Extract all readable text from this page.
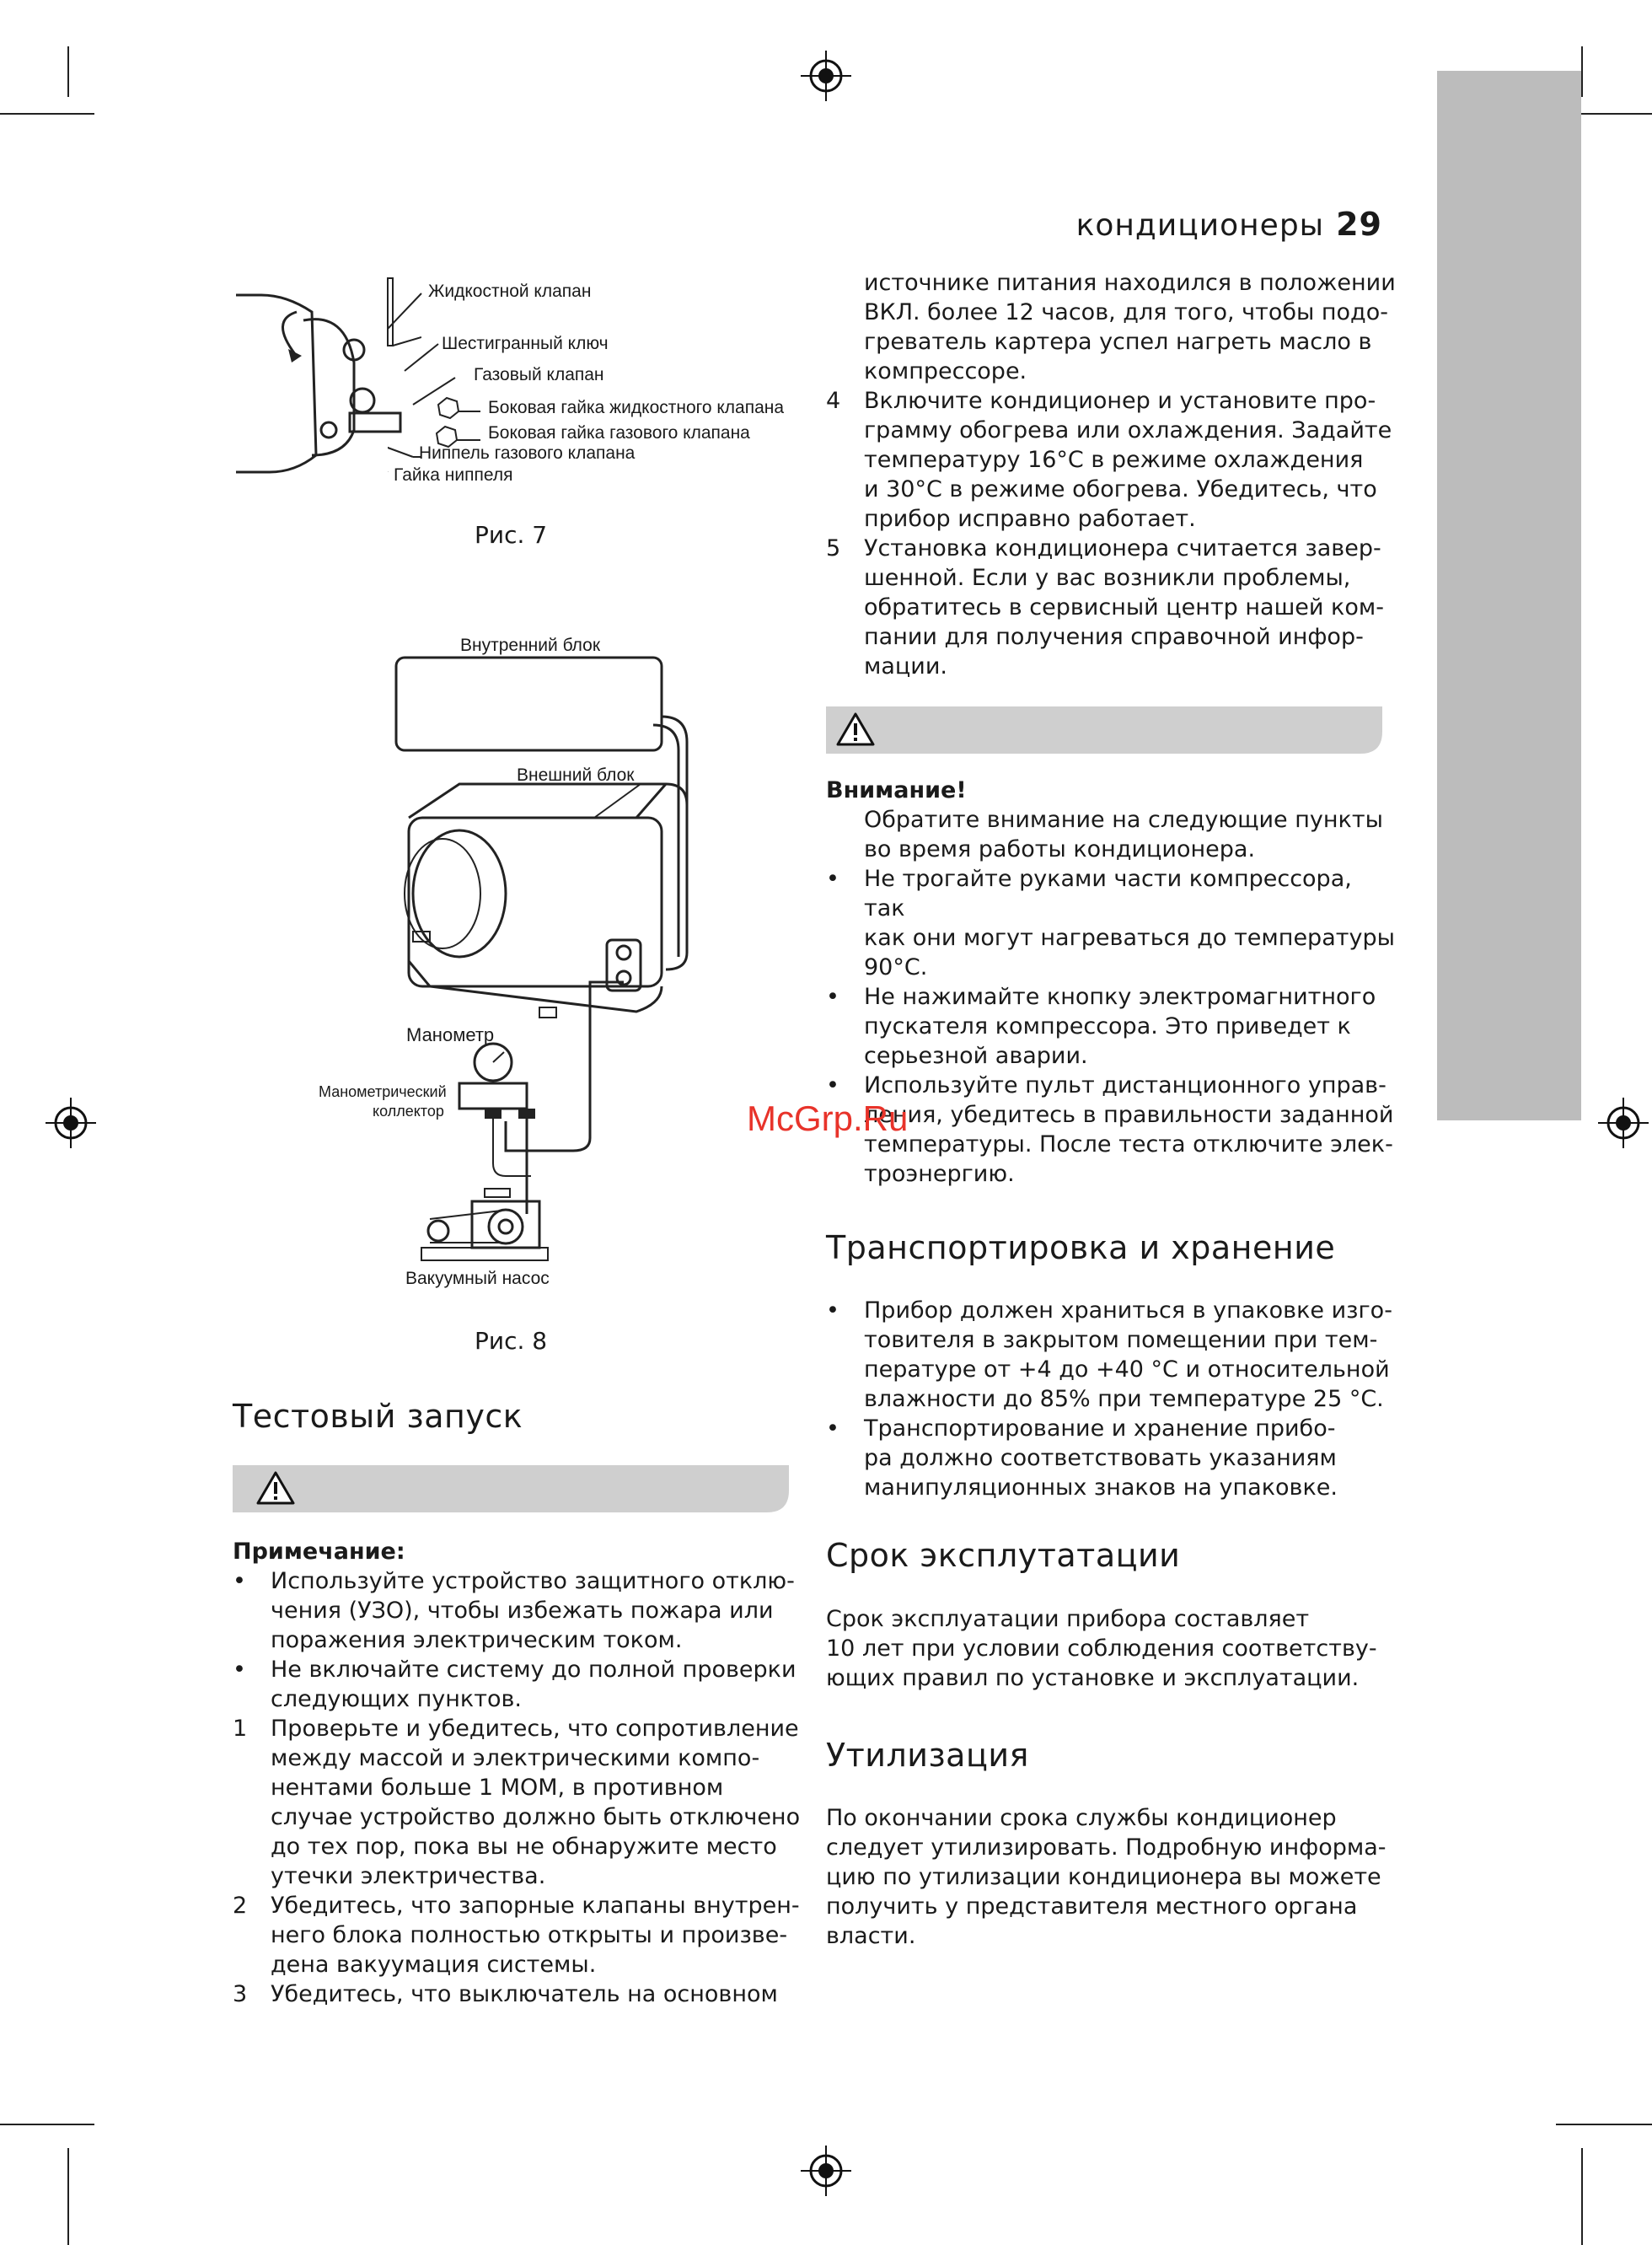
кондиционеры 29
Жидкостной клапан
Шестигранный ключ
Газовый клапан
Боковая гайка жидкостного клапана
Боковая гайка газового клапана
Ниппель газового клапана
Гайка ниппеля
Рис. 7
Внутренний блок
Внешний блок
Манометр
Манометрический
коллектор
Вакуумный насос
Рис. 8
Тестовый запуск
Примечание:
• Используйте устройство защитного отклю-
чения (УЗО), чтобы избежать пожара или
поражения электрическим током.
• Не включайте систему до полной проверки
следующих пунктов.
1 Проверьте и убедитесь, что сопротивление
между массой и электрическими компо-
нентами больше 1 МОМ, в противном
случае устройство должно быть отключено
до тех пор, пока вы не обнаружите место
утечки электричества.
2 Убедитесь, что запорные клапаны внутрен-
него блока полностью открыты и произве-
дена вакуумация системы.
3 Убедитесь, что выключатель на основном
источнике питания находился в положении
ВКЛ. более 12 часов, для того, чтобы подо-
греватель картера успел нагреть масло в
компрессоре.
4 Включите кондиционер и установите про-
грамму обогрева или охлаждения. Задайте
температуру 16°С в режиме охлаждения
и 30°С в режиме обогрева. Убедитесь, что
прибор исправно работает.
5 Установка кондиционера считается завер-
шенной. Если у вас возникли проблемы,
обратитесь в сервисный центр нашей ком-
пании для получения справочной инфор-
мации.
Внимание!
Обратите внимание на следующие пункты
во время работы кондиционера.
• Не трогайте руками части компрессора, так
как они могут нагреваться до температуры
90°С.
• Не нажимайте кнопку электромагнитного
пускателя компрессора. Это приведет к
серьезной аварии.
• Используйте пульт дистанционного управ-
ления, убедитесь в правильности заданной
температуры. После теста отключите элек-
троэнергию.
McGrp.Ru
Транспортировка и хранение
• Прибор должен храниться в упаковке изго-
товителя в закрытом помещении при тем-
пературе от +4 до +40 °С и относительной
влажности до 85% при температуре 25 °С.
• Транспортирование и хранение прибо-
ра должно соответствовать указаниям
манипуляционных знаков на упаковке.
Срок эксплутатации
Срок эксплуатации прибора составляет
10 лет при условии соблюдения соответству-
ющих правил по установке и эксплуатации.
Утилизация
По окончании срока службы кондиционер
следует утилизировать. Подробную информа-
цию по утилизации кондиционера вы можете
получить у представителя местного органа
власти.
